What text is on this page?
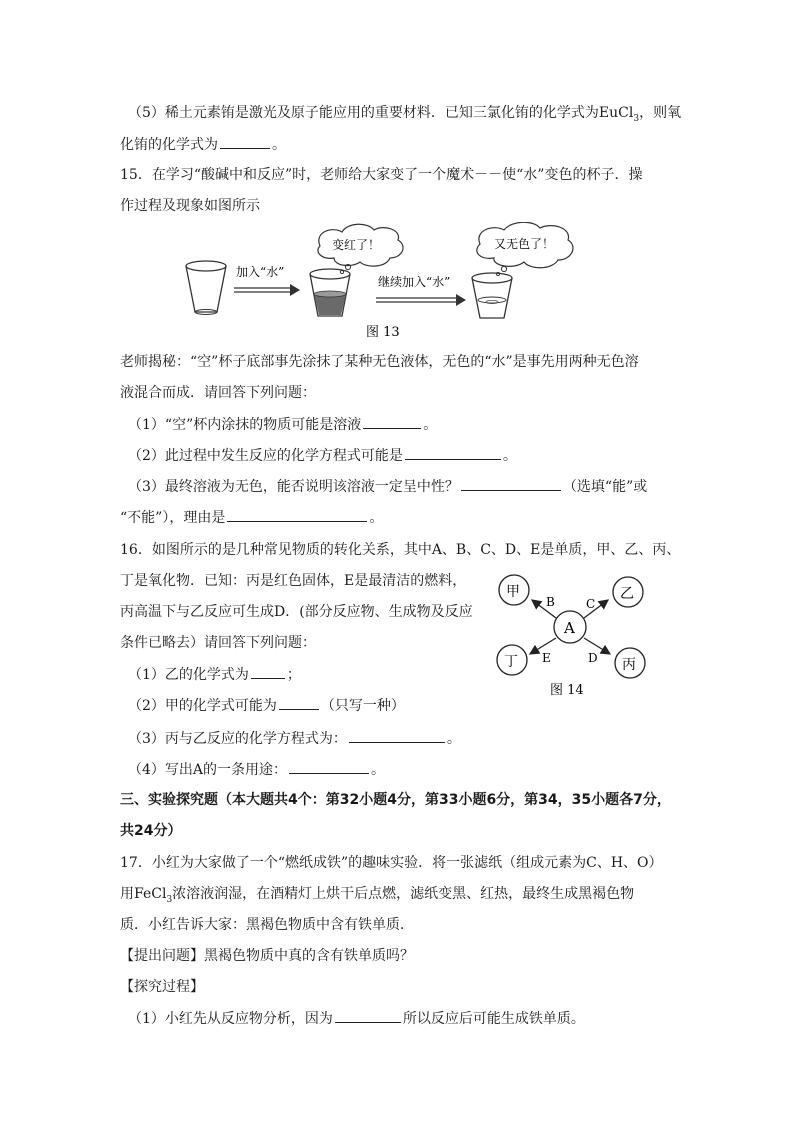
（5）稀土元素铕是激光及原子能应用的重要材料．已知三氯化铕的化学式为EuCl$_3$，则氧
化铕的化学式为	。
15．在学习“酸碱中和反应”时，老师给大家变了一个魔术－－使“水”变色的杯子．操
作过程及现象如图所示
加入“水”
变红了！
继续加入“水”
又无色了！
图 13
老师揭秘：“空”杯子底部事先涂抹了某种无色液体，无色的“水”是事先用两种无色溶
液混合而成．请回答下列问题：
（1）“空”杯内涂抹的物质可能是溶液	。
（2）此过程中发生反应的化学方程式可能是	。
（3）最终溶液为无色，能否说明该溶液一定呈中性？	（选填“能”或
“不能”），理由是	。
16．如图所示的是几种常见物质的转化关系，其中A、B、C、D、E是单质，甲、乙、丙、
丁是氧化物．已知：丙是红色固体，E是最清洁的燃料，
丙高温下与乙反应可生成D．(部分反应物、生成物及反应
条件已略去）请回答下列问题：
（1）乙的化学式为	；
（2）甲的化学式可能为	（只写一种）
（3）丙与乙反应的化学方程式为：	。
（4）写出A的一条用途：	。
A
甲	乙
丁	丙
B	C
E	D
图 14
三、实验探究题（本大题共4个：第32小题4分，第33小题6分，第34，35小题各7分，
共24分）
17．小红为大家做了一个“燃纸成铁”的趣味实验．将一张滤纸（组成元素为C、H、O）
用FeCl$_3$浓溶液润湿，在酒精灯上烘干后点燃，滤纸变黑、红热，最终生成黑褐色物
质．小红告诉大家：黑褐色物质中含有铁单质．
【提出问题】黑褐色物质中真的含有铁单质吗？
【探究过程】
（1）小红先从反应物分析，因为	所以反应后可能生成铁单质。
